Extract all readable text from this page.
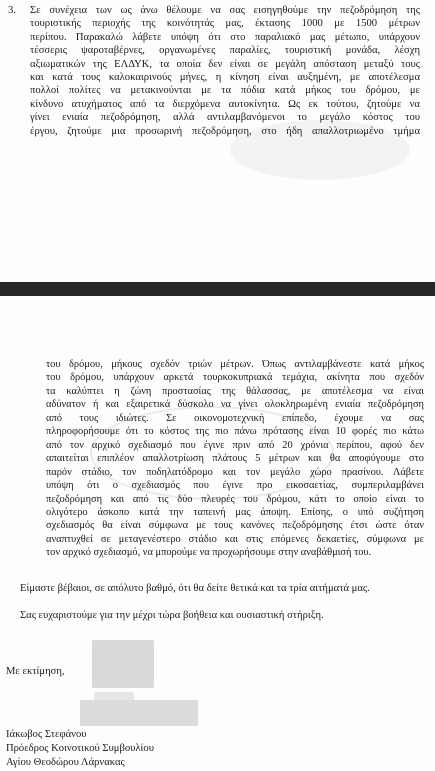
3. Σε συνέχεια των ως άνω θέλουμε να σας εισηγηθούμε την πεζοδρόμηση της
τουριστικής περιοχής της κοινότητάς μας, έκτασης 1000 με 1500 μέτρων
περίπου. Παρακαλώ λάβετε υπόψη ότι στο παραλιακό μας μέτωπο, υπάρχουν
τέσσερις ψαροταβέρνες, οργανωμένες παραλίες, τουριστική μονάδα, λέσχη
αξιωματικών της ΕΛΔΥΚ, τα οποία δεν είναι σε μεγάλη απόσταση μεταξύ τους
και κατά τους καλοκαιρινούς μήνες, η κίνηση είναι αυξημένη, με αποτέλεσμα
πολλοί πολίτες να μετακινούνται με τα πόδια κατά μήκος του δρόμου, με
κίνδυνο ατυχήματος από τα διερχόμενα αυτοκίνητα. Ως εκ τούτου, ζητούμε να
γίνει ενιαία πεζοδρόμηση, αλλά αντιλαμβανόμενοι το μεγάλο κόστος του
έργου, ζητούμε μια προσωρινή πεζοδρόμηση, στο ήδη απαλλοτριωμένο τμήμα
του δρόμου, μήκους σχεδόν τριών μέτρων. Όπως αντιλαμβάνεστε κατά μήκος
του δρόμου, υπάρχουν αρκετά τουρκοκυπριακά τεμάχια, ακίνητα που σχεδόν
τα καλύπτει η ζώνη προστασίας της θάλασσας, με αποτέλεσμα να είναι
αδύνατον ή και εξαιρετικά δύσκολο να γίνει ολοκληρωμένη ενιαία πεζοδρόμηση
από τους ιδιώτες. Σε οικονομοτεχνική επίπεδο, έχουμε να σας
πληροφορήσουμε ότι το κόστος της πιο πάνω πρότασης είναι 10 φορές πιο κάτω
από τον αρχικό σχεδιασμό που έγινε πριν από 20 χρόνια περίπου, αφού δεν
απαιτείται επιπλέον απαλλοτρίωση πλάτους 5 μέτρων και θα αποφύγουμε στο
παρόν στάδιο, τον ποδηλατόδρομο και τον μεγάλο χώρο πρασίνου. Λάβετε
υπόψη ότι ο σχεδιασμός που έγινε προ εικοσαετίας, συμπεριλαμβάνει
πεζοδρόμηση και από τις δύο πλευρές του δρόμου, κάτι το οποίο είναι το
ολιγότερο άσκοπο κατά την ταπεινή μας άποψη. Επίσης, ο υπό συζήτηση
σχεδιασμός θα είναι σύμφωνα με τους κανόνες πεζοδρόμησης έτσι ώστε όταν
αναπτυχθεί σε μεταγενέστερο στάδιο και στις επόμενες δεκαετίες, σύμφωνα με
τον αρχικό σχεδιασμό, να μπορούμε να προχωρήσουμε στην αναβάθμισή του.
Είμαστε βέβαιοι, σε απόλυτο βαθμό, ότι θα δείτε θετικά και τα τρία αιτήματά μας.
Σας ευχαριστούμε για την μέχρι τώρα βοήθεια και ουσιαστική στήριξη.
Με εκτίμηση,
Ιάκωβος Στεφάνου
Πρόεδρος Κοινοτικού Συμβουλίου
Αγίου Θεοδώρου Λάρνακας
